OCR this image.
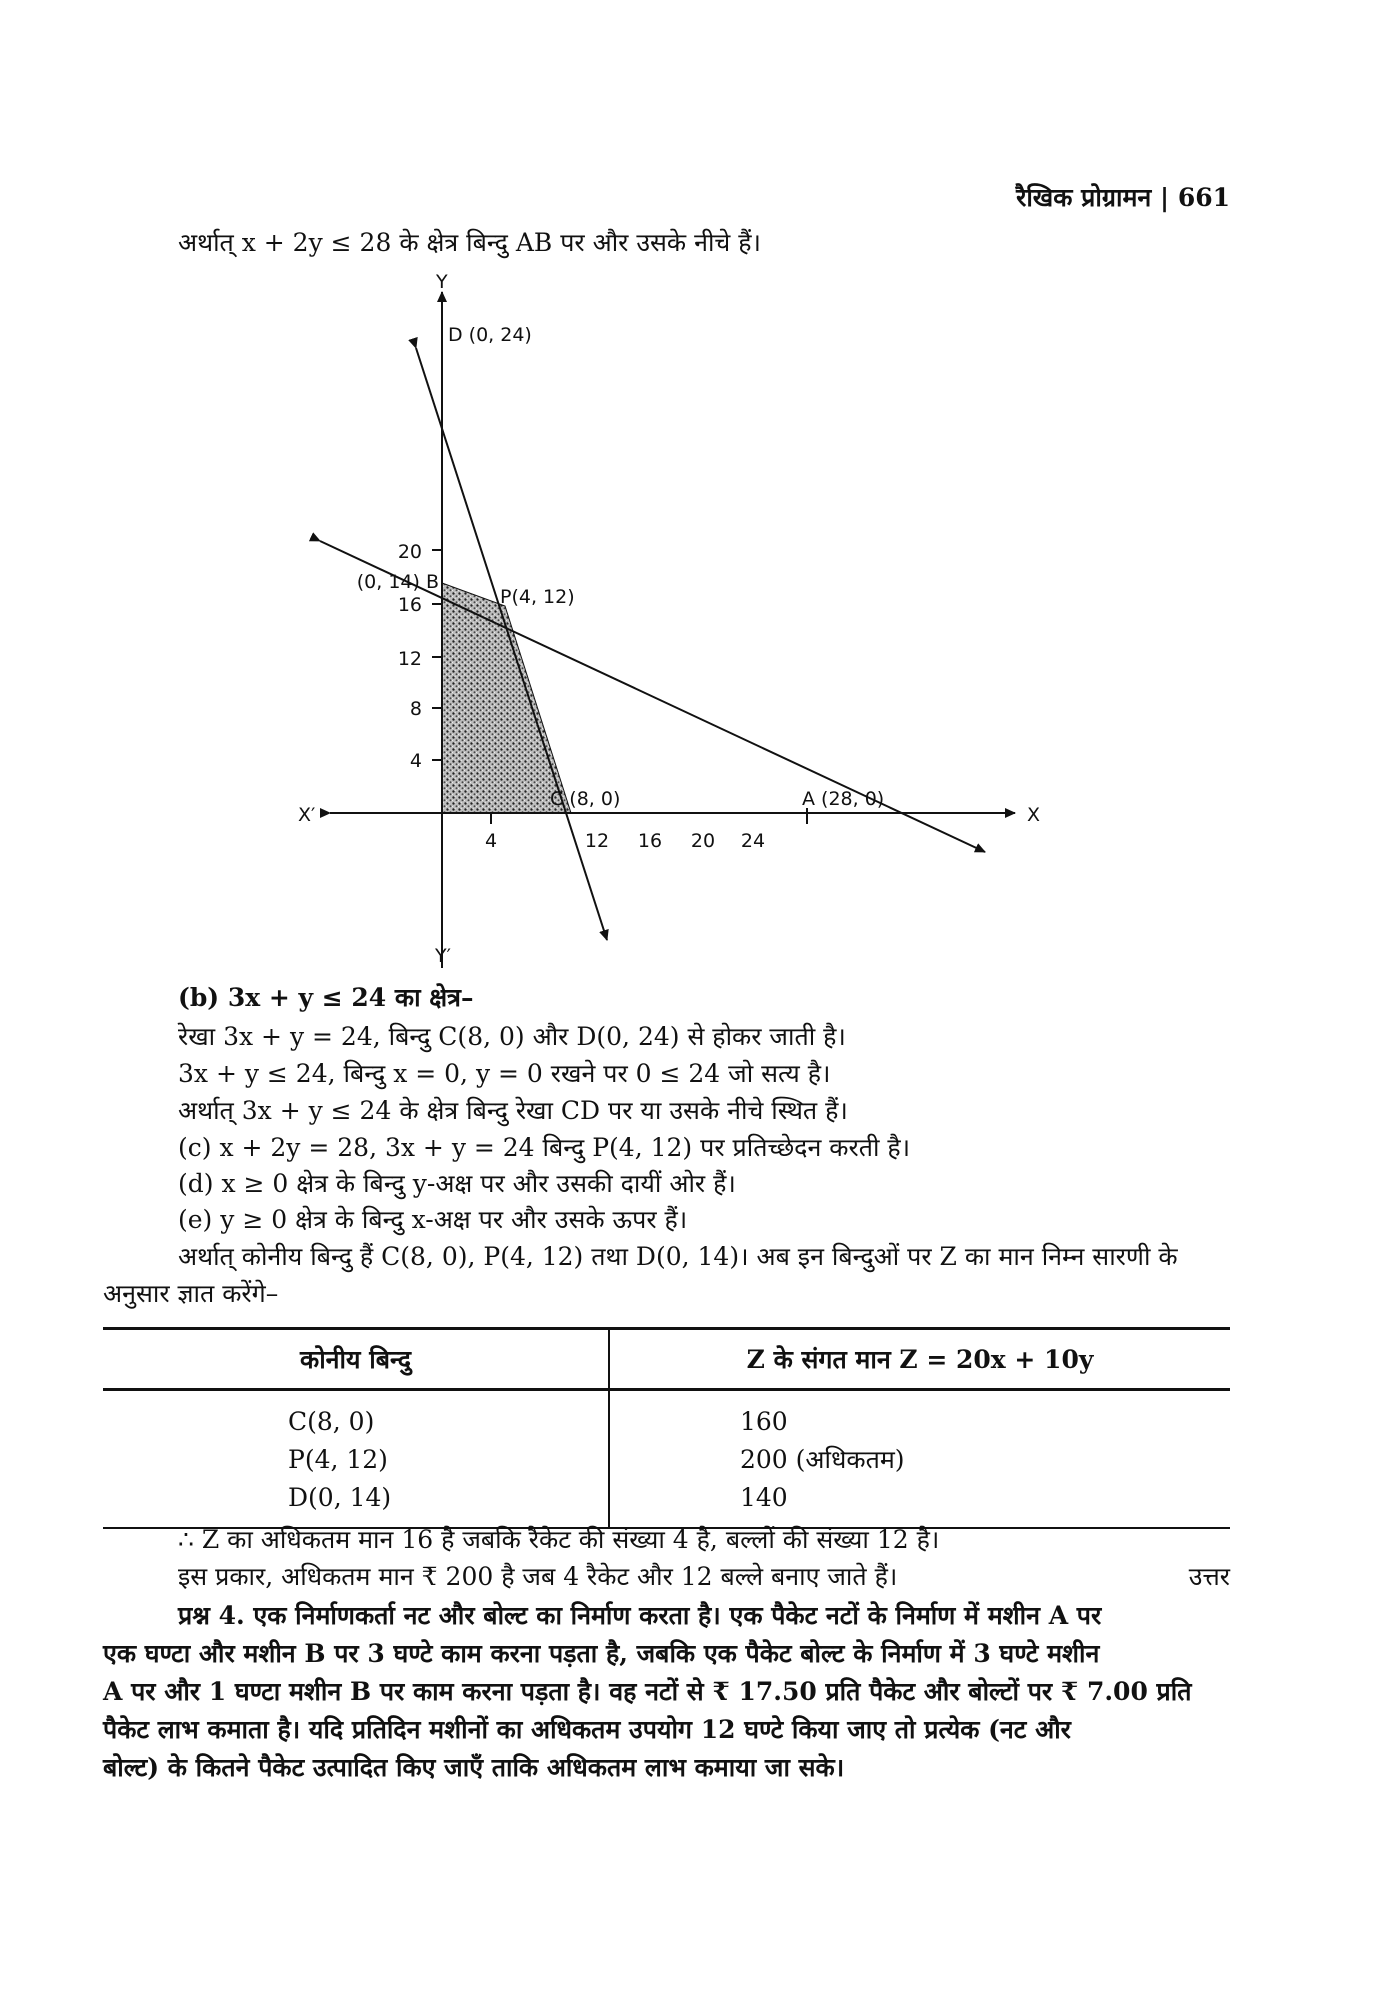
रैखिक प्रोग्रामन | 661
अर्थात् x + 2y ≤ 28 के क्षेत्र बिन्दु AB पर और उसके नीचे हैं।
4
8
12
16
20
4	12 16 20 24
X
X′
Y
Y′
D (0, 24)
(0, 14) B
P(4, 12)
C (8, 0)	A (28, 0)
(b) 3x + y ≤ 24 का क्षेत्र–
रेखा 3x + y = 24, बिन्दु C(8, 0) और D(0, 24) से होकर जाती है।
3x + y ≤ 24, बिन्दु x = 0, y = 0 रखने पर 0 ≤ 24 जो सत्य है।
अर्थात् 3x + y ≤ 24 के क्षेत्र बिन्दु रेखा CD पर या उसके नीचे स्थित हैं।
(c) x + 2y = 28, 3x + y = 24 बिन्दु P(4, 12) पर प्रतिच्छेदन करती है।
(d) x ≥ 0 क्षेत्र के बिन्दु y-अक्ष पर और उसकी दायीं ओर हैं।
(e) y ≥ 0 क्षेत्र के बिन्दु x-अक्ष पर और उसके ऊपर हैं।
अर्थात् कोनीय बिन्दु हैं C(8, 0), P(4, 12) तथा D(0, 14)। अब इन बिन्दुओं पर Z का मान निम्न सारणी के
अनुसार ज्ञात करेंगे–
कोनीय बिन्दु	Z के संगत मान Z = 20x + 10y
C(8, 0)	160
P(4, 12)	200 (अधिकतम)
D(0, 14)	140
∴ Z का अधिकतम मान 16 है जबकि रैकेट की संख्या 4 है, बल्लों की संख्या 12 है।
इस प्रकार, अधिकतम मान ₹ 200 है जब 4 रैकेट और 12 बल्ले बनाए जाते हैं।	उत्तर
प्रश्न 4. एक निर्माणकर्ता नट और बोल्ट का निर्माण करता है। एक पैकेट नटों के निर्माण में मशीन A पर
एक घण्टा और मशीन B पर 3 घण्टे काम करना पड़ता है, जबकि एक पैकेट बोल्ट के निर्माण में 3 घण्टे मशीन
A पर और 1 घण्टा मशीन B पर काम करना पड़ता है। वह नटों से ₹ 17.50 प्रति पैकेट और बोल्टों पर ₹ 7.00 प्रति
पैकेट लाभ कमाता है। यदि प्रतिदिन मशीनों का अधिकतम उपयोग 12 घण्टे किया जाए तो प्रत्येक (नट और
बोल्ट) के कितने पैकेट उत्पादित किए जाएँ ताकि अधिकतम लाभ कमाया जा सके।
